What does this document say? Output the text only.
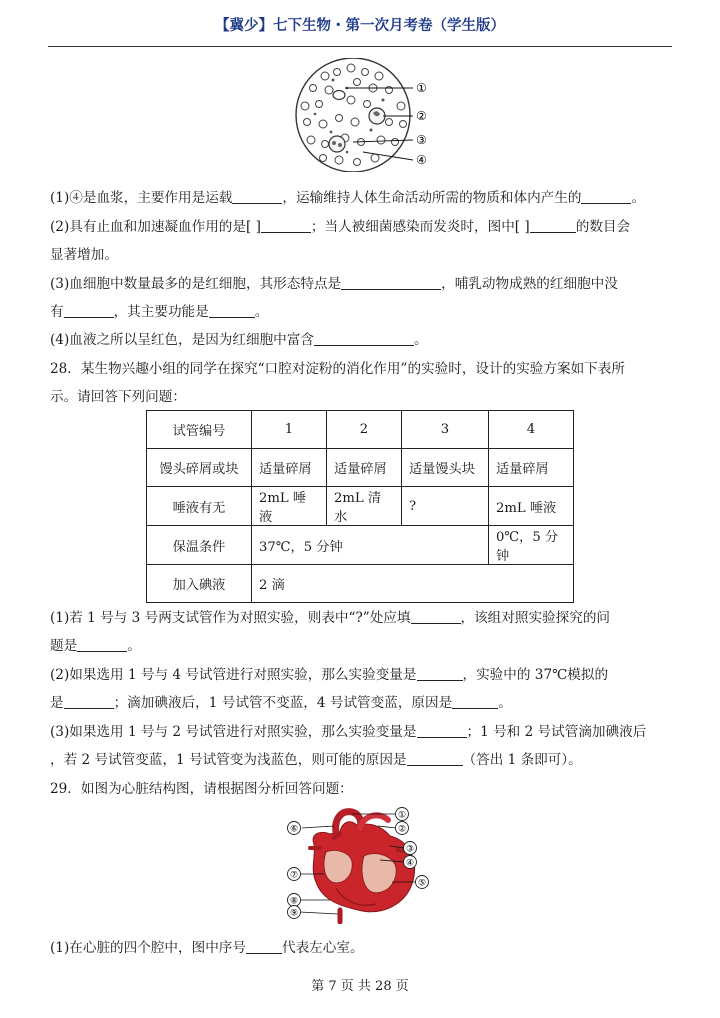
【冀少】七下生物・第一次月考卷（学生版）
①
②
③
④
(1)④是血浆，主要作用是运载	，运输维持人体生命活动所需的物质和体内产生的	。
(2)具有止血和加速凝血作用的是[ ]	；当人被细菌感染而发炎时，图中[ ]	的数目会
显著增加。
(3)血细胞中数量最多的是红细胞，其形态特点是	，哺乳动物成熟的红细胞中没
有	，其主要功能是	。
(4)血液之所以呈红色，是因为红细胞中富含	。
28．某生物兴趣小组的同学在探究“口腔对淀粉的消化作用”的实验时，设计的实验方案如下表所
示。请回答下列问题：
试管编号	1	2	3	4
馒头碎屑或块	适量碎屑	适量碎屑	适量馒头块	适量碎屑
唾液有无	2mL 唾液	2mL 清水	?	2mL 唾液
保温条件	37℃，5 分钟			0℃，5 分钟
加入碘液	2 滴			
(1)若 1 号与 3 号两支试管作为对照实验，则表中“?”处应填	，该组对照实验探究的问
题是	。
(2)如果选用 1 号与 4 号试管进行对照实验，那么实验变量是	，实验中的 37℃模拟的
是	；滴加碘液后，1 号试管不变蓝，4 号试管变蓝，原因是	。
(3)如果选用 1 号与 2 号试管进行对照实验，那么实验变量是	；1 号和 2 号试管滴加碘液后
，若 2 号试管变蓝，1 号试管变为浅蓝色，则可能的原因是	（答出 1 条即可）。
29．如图为心脏结构图，请根据图分析回答问题：
①
②
③
④
⑤
⑥
⑦
⑧
⑨
(1)在心脏的四个腔中，图中序号	代表左心室。
第 7 页 共 28 页
